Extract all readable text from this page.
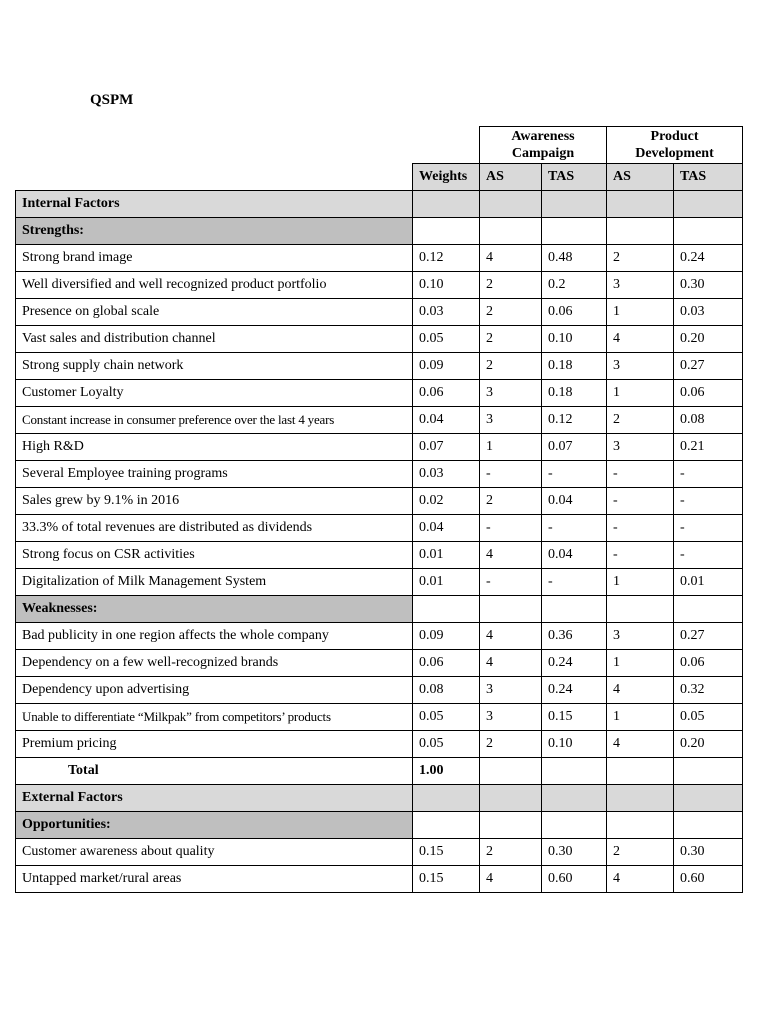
QSPM
		Awareness Campaign		Product Development	
	Weights	AS	TAS	AS	TAS
Internal Factors					
Strengths:					
Strong brand image	0.12	4	0.48	2	0.24
Well diversified and well recognized product portfolio	0.10	2	0.2	3	0.30
Presence on global scale	0.03	2	0.06	1	0.03
Vast sales and distribution channel	0.05	2	0.10	4	0.20
Strong supply chain network	0.09	2	0.18	3	0.27
Customer Loyalty	0.06	3	0.18	1	0.06
Constant increase in consumer preference over the last 4 years	0.04	3	0.12	2	0.08
High R&D	0.07	1	0.07	3	0.21
Several Employee training programs	0.03	-	-	-	-
Sales grew by 9.1% in 2016	0.02	2	0.04	-	-
33.3% of total revenues are distributed as dividends	0.04	-	-	-	-
Strong focus on CSR activities	0.01	4	0.04	-	-
Digitalization of Milk Management System	0.01	-	-	1	0.01
Weaknesses:					
Bad publicity in one region affects the whole company	0.09	4	0.36	3	0.27
Dependency on a few well-recognized brands	0.06	4	0.24	1	0.06
Dependency upon advertising	0.08	3	0.24	4	0.32
Unable to differentiate “Milkpak” from competitors’ products	0.05	3	0.15	1	0.05
Premium pricing	0.05	2	0.10	4	0.20
Total	1.00				
External Factors					
Opportunities:					
Customer awareness about quality	0.15	2	0.30	2	0.30
Untapped market/rural areas	0.15	4	0.60	4	0.60
